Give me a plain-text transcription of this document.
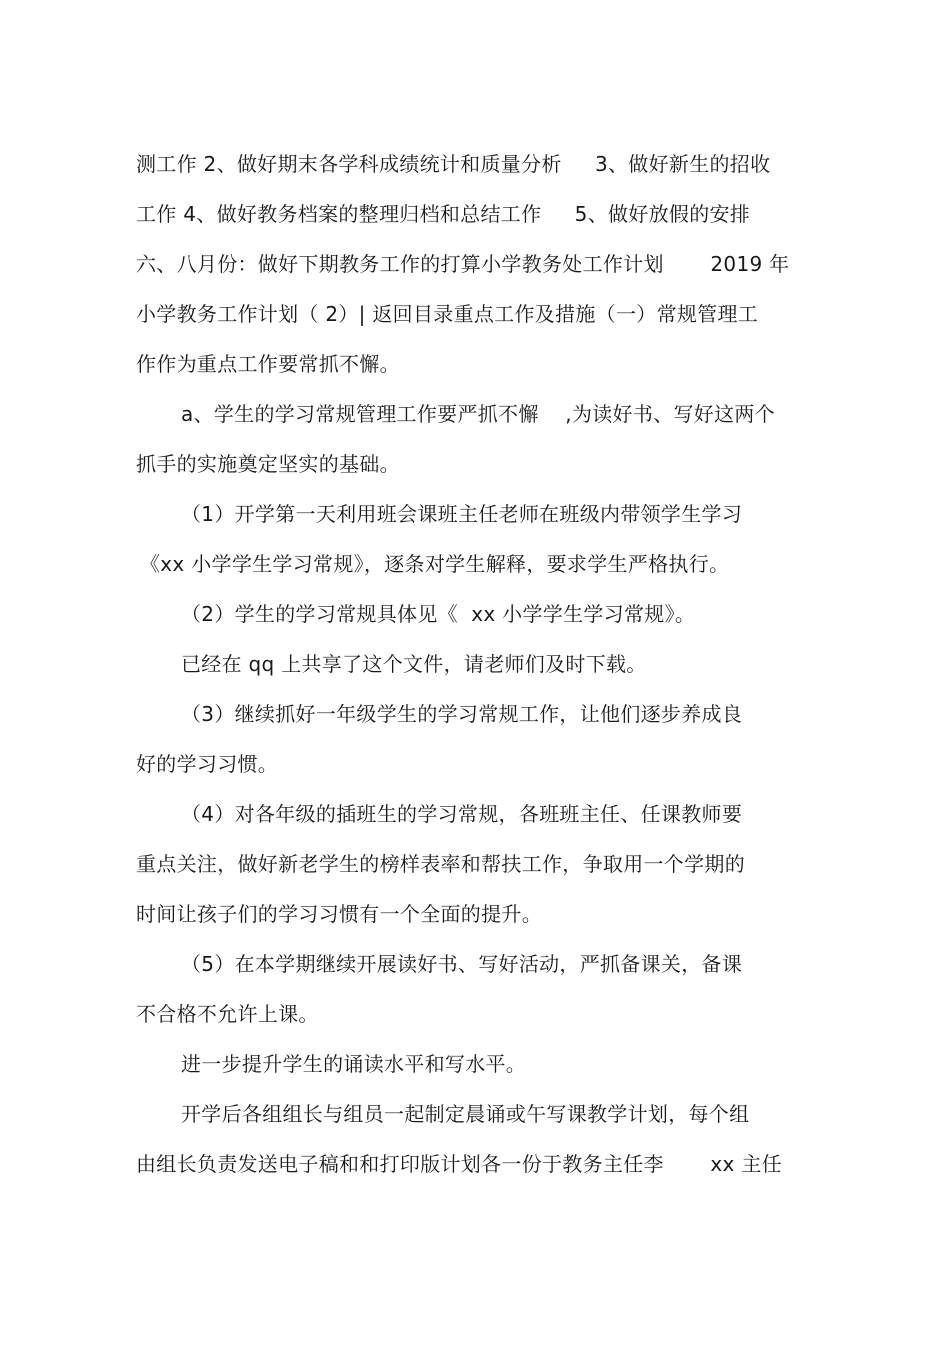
测工作 2、做好期末各学科成绩统计和质量分析     3、做好新生的招收
工作 4、做好教务档案的整理归档和总结工作     5、做好放假的安排
六、八月份：做好下期教务工作的打算小学教务处工作计划       2019 年
小学教务工作计划（ 2）| 返回目录重点工作及措施（一）常规管理工
作作为重点工作要常抓不懈。
a、学生的学习常规管理工作要严抓不懈    ,为读好书、写好这两个
抓手的实施奠定坚实的基础。
（1）开学第一天利用班会课班主任老师在班级内带领学生学习
《xx 小学学生学习常规》，逐条对学生解释，要求学生严格执行。
（2）学生的学习常规具体见《  xx 小学学生学习常规》。
已经在 qq 上共享了这个文件，请老师们及时下载。
（3）继续抓好一年级学生的学习常规工作，让他们逐步养成良
好的学习习惯。
（4）对各年级的插班生的学习常规，各班班主任、任课教师要
重点关注，做好新老学生的榜样表率和帮扶工作，争取用一个学期的
时间让孩子们的学习习惯有一个全面的提升。
（5）在本学期继续开展读好书、写好活动，严抓备课关，备课
不合格不允许上课。
进一步提升学生的诵读水平和写水平。
开学后各组组长与组员一起制定晨诵或午写课教学计划，每个组
由组长负责发送电子稿和和打印版计划各一份于教务主任李       xx 主任
